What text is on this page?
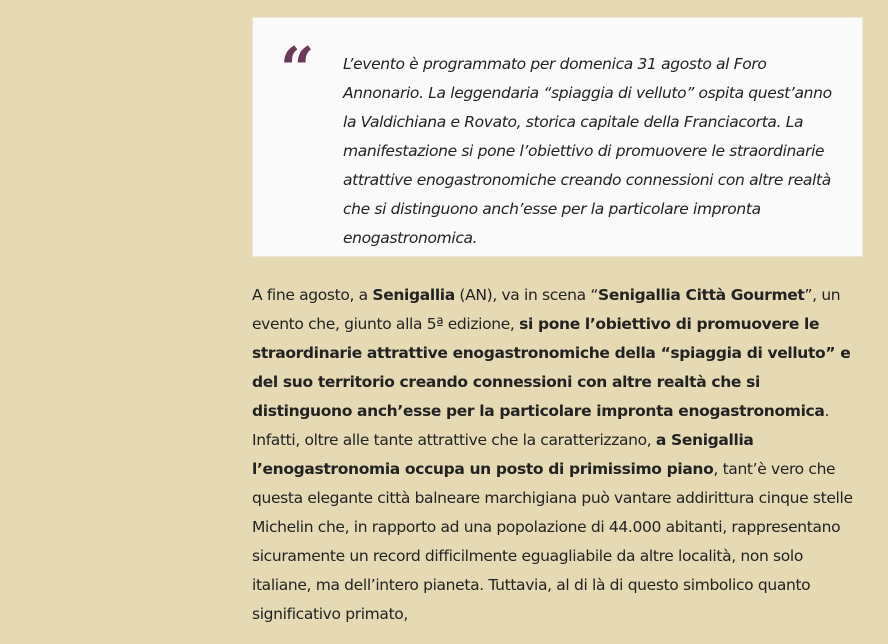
“ L’evento è programmato per domenica 31 agosto al Foro Annonario. La leggendaria “spiaggia di velluto” ospita quest’anno la Valdichiana e Rovato, storica capitale della Franciacorta. La manifestazione si pone l’obiettivo di promuovere le straordinarie attrattive enogastronomiche creando connessioni con altre realtà che si distinguono anch’esse per la particolare impronta enogastronomica.

A fine agosto, a Senigallia (AN), va in scena “Senigallia Città Gourmet”, un evento che, giunto alla 5ª edizione, si pone l’obiettivo di promuovere le straordinarie attrattive enogastronomiche della “spiaggia di velluto” e del suo territorio creando connessioni con altre realtà che si distinguono anch’esse per la particolare impronta enogastronomica.

Infatti, oltre alle tante attrattive che la caratterizzano, a Senigallia l’enogastronomia occupa un posto di primissimo piano, tant’è vero che questa elegante città balneare marchigiana può vantare addirittura cinque stelle Michelin che, in rapporto ad una popolazione di 44.000 abitanti, rappresentano sicuramente un record difficilmente eguagliabile da altre località, non solo italiane, ma dell’intero pianeta. Tuttavia, al di là di questo simbolico quanto significativo primato,
